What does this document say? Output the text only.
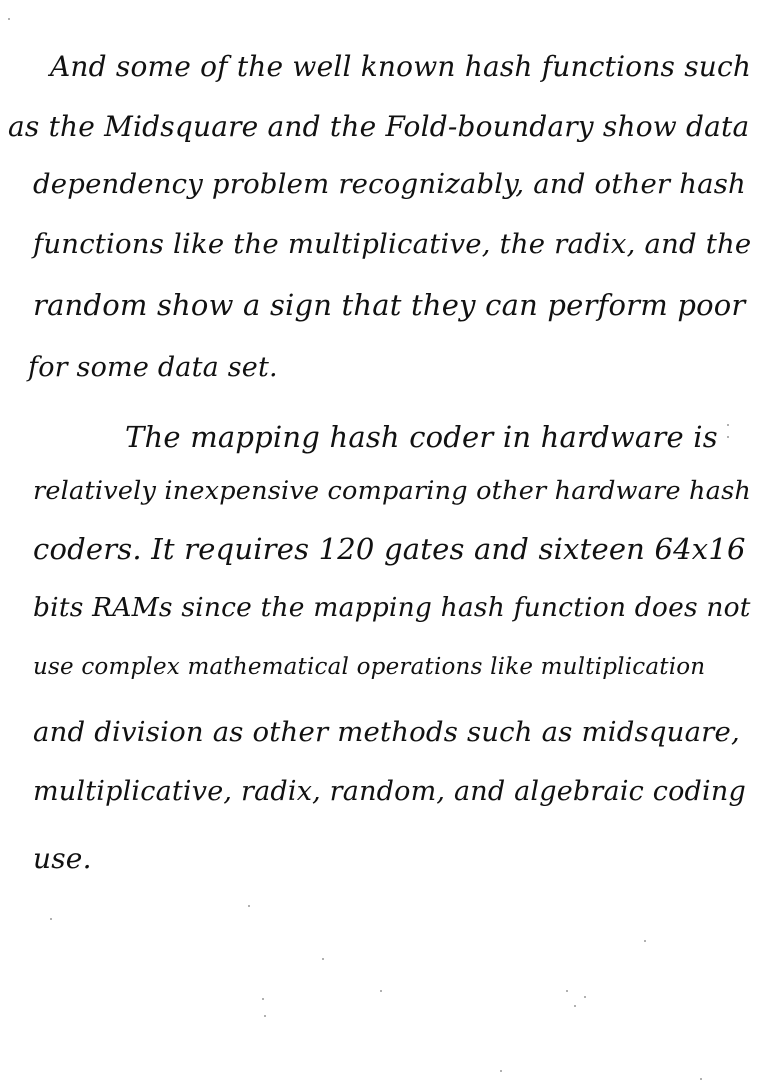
And some of the well known hash functions such
as the Midsquare and the Fold-boundary show data
dependency problem recognizably, and other hash
functions like the multiplicative, the radix, and the
random show a sign that they can perform poor
for some data set.
The mapping hash coder in hardware is
relatively inexpensive comparing other hardware hash
coders. It requires 120 gates and sixteen 64x16
bits RAMs since the mapping hash function does not
use complex mathematical operations like multiplication
and division as other methods such as midsquare,
multiplicative, radix, random, and algebraic coding
use.
